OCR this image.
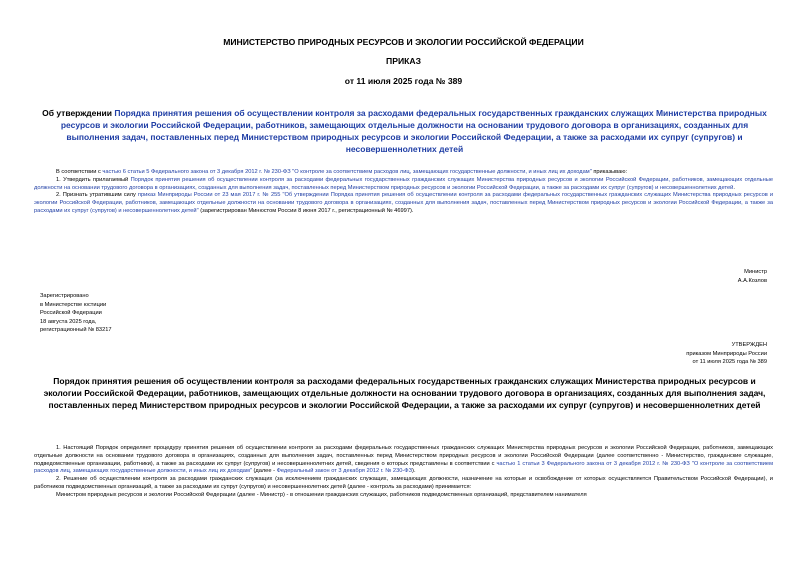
МИНИСТЕРСТВО ПРИРОДНЫХ РЕСУРСОВ И ЭКОЛОГИИ РОССИЙСКОЙ ФЕДЕРАЦИИ
ПРИКАЗ
от 11 июля 2025 года № 389
Об утверждении Порядка принятия решения об осуществлении контроля за расходами федеральных государственных гражданских служащих Министерства природных ресурсов и экологии Российской Федерации, работников, замещающих отдельные должности на основании трудового договора в организациях, созданных для выполнения задач, поставленных перед Министерством природных ресурсов и экологии Российской Федерации, а также за расходами их супруг (супругов) и несовершеннолетних детей

В соответствии с частью 6 статьи 5 Федерального закона от 3 декабря 2012 г. № 230-ФЗ "О контроле за соответствием расходов лиц, замещающих государственные должности, и иных лиц их доходам" приказываю:

1. Утвердить прилагаемый Порядок принятия решения об осуществлении контроля за расходами федеральных государственных гражданских служащих Министерства природных ресурсов и экологии Российской Федерации, работников, замещающих отдельные должности на основании трудового договора в организациях, созданных для выполнения задач, поставленных перед Министерством природных ресурсов и экологии Российской Федерации, а также за расходами их супруг (супругов) и несовершеннолетних детей.

2. Признать утратившим силу приказ Минприроды России от 23 мая 2017 г. № 255 "Об утверждении Порядка принятия решения об осуществлении контроля за расходами федеральных государственных гражданских служащих Министерства природных ресурсов и экологии Российской Федерации, работников, замещающих отдельные должности на основании трудового договора в организациях, созданных для выполнения задач, поставленных перед Министерством природных ресурсов и экологии Российской Федерации, а также за расходами их супруг (супругов) и несовершеннолетних детей" (зарегистрирован Минюстом России 8 июня 2017 г., регистрационный № 46997).

Министр
А.А.Козлов
Зарегистрировано
в Министерстве юстиции
Российской Федерации
18 августа 2025 года,
регистрационный № 83217
УТВЕРЖДЕН
приказом Минприроды России
от 11 июля 2025 года № 389
Порядок принятия решения об осуществлении контроля за расходами федеральных государственных гражданских служащих Министерства природных ресурсов и экологии Российской Федерации, работников, замещающих отдельные должности на основании трудового договора в организациях, созданных для выполнения задач, поставленных перед Министерством природных ресурсов и экологии Российской Федерации, а также за расходами их супруг (супругов) и несовершеннолетних детей

1. Настоящий Порядок определяет процедуру принятия решения об осуществлении контроля за расходами федеральных государственных гражданских служащих Министерства природных ресурсов и экологии Российской Федерации, работников, замещающих отдельные должности на основании трудового договора в организациях, созданных для выполнения задач, поставленных перед Министерством природных ресурсов и экологии Российской Федерации (далее соответственно - Министерство, гражданские служащие, подведомственные организации, работники), а также за расходами их супруг (супругов) и несовершеннолетних детей, сведения о которых представлены в соответствии с частью 1 статьи 3 Федерального закона от 3 декабря 2012 г. № 230-ФЗ "О контроле за соответствием расходов лиц, замещающих государственные должности, и иных лиц их доходам" (далее - Федеральный закон от 3 декабря 2012 г. № 230-ФЗ).

2. Решение об осуществлении контроля за расходами гражданских служащих (за исключением гражданских служащих, замещающих должности, назначение на которые и освобождение от которых осуществляется Правительством Российской Федерации), и работников подведомственных организаций, а также за расходами их супруг (супругов) и несовершеннолетних детей (далее - контроль за расходами) принимается:

Министром природных ресурсов и экологии Российской Федерации (далее - Министр) - в отношении гражданских служащих, работников подведомственных организаций, представителем нанимателя
